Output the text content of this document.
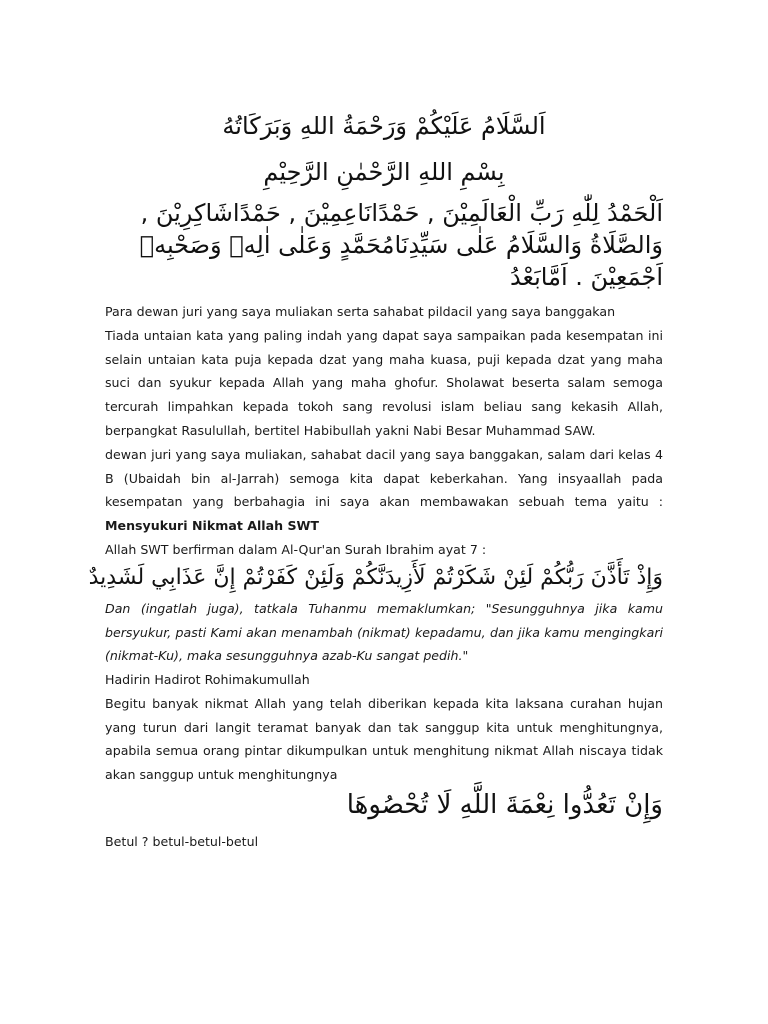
اَلسَّلَامُ عَلَيْكُمْ وَرَحْمَةُ اللهِ وَبَرَكَاتُهُ
بِسْمِ اللهِ الرَّحْمٰنِ الرَّحِيْمِ
اَلْحَمْدُ لِلّٰهِ رَبِّ الْعَالَمِيْنَ , حَمْدًانَاعِمِيْنَ , حَمْدًاشَاكِرِيْنَ ,
وَالصَّلَاةُ وَالسَّلَامُ عَلٰى سَيِّدِنَامُحَمَّدٍ وَعَلٰى اٰلِهٖ وَصَحْبِهٖ
اَجْمَعِيْنَ . اَمَّابَعْدُ

Para dewan juri yang saya muliakan serta sahabat pildacil yang saya banggakan

Tiada untaian kata yang paling indah yang dapat saya sampaikan pada kesempatan ini selain untaian kata puja kepada dzat yang maha kuasa, puji kepada dzat yang maha suci dan syukur kepada Allah yang maha ghofur. Sholawat beserta salam semoga tercurah limpahkan kepada tokoh sang revolusi islam beliau sang kekasih Allah, berpangkat Rasulullah, bertitel Habibullah yakni Nabi Besar Muhammad SAW.

dewan juri yang saya muliakan, sahabat dacil yang saya banggakan, salam dari kelas 4 B (Ubaidah bin al-Jarrah) semoga kita dapat keberkahan. Yang insyaallah pada kesempatan yang berbahagia ini saya akan membawakan sebuah tema yaitu : Mensyukuri Nikmat Allah SWT

Allah SWT berfirman dalam Al-Qur'an Surah Ibrahim ayat 7 :

وَإِذْ تَأَذَّنَ رَبُّكُمْ لَئِنْ شَكَرْتُمْ لَأَزِيدَنَّكُمْ وَلَئِنْ كَفَرْتُمْ إِنَّ عَذَابِي لَشَدِيدٌ

Dan (ingatlah juga), tatkala Tuhanmu memaklumkan; "Sesungguhnya jika kamu bersyukur, pasti Kami akan menambah (nikmat) kepadamu, dan jika kamu mengingkari (nikmat-Ku), maka sesungguhnya azab-Ku sangat pedih."

Hadirin Hadirot Rohimakumullah

Begitu banyak nikmat Allah yang telah diberikan kepada kita laksana curahan hujan yang turun dari langit teramat banyak dan tak sanggup kita untuk menghitungnya, apabila semua orang pintar dikumpulkan untuk menghitung nikmat Allah niscaya tidak akan sanggup untuk menghitungnya

وَإِنْ تَعُدُّوا نِعْمَةَ اللَّهِ لَا تُحْصُوهَا

Betul ? betul-betul-betul
